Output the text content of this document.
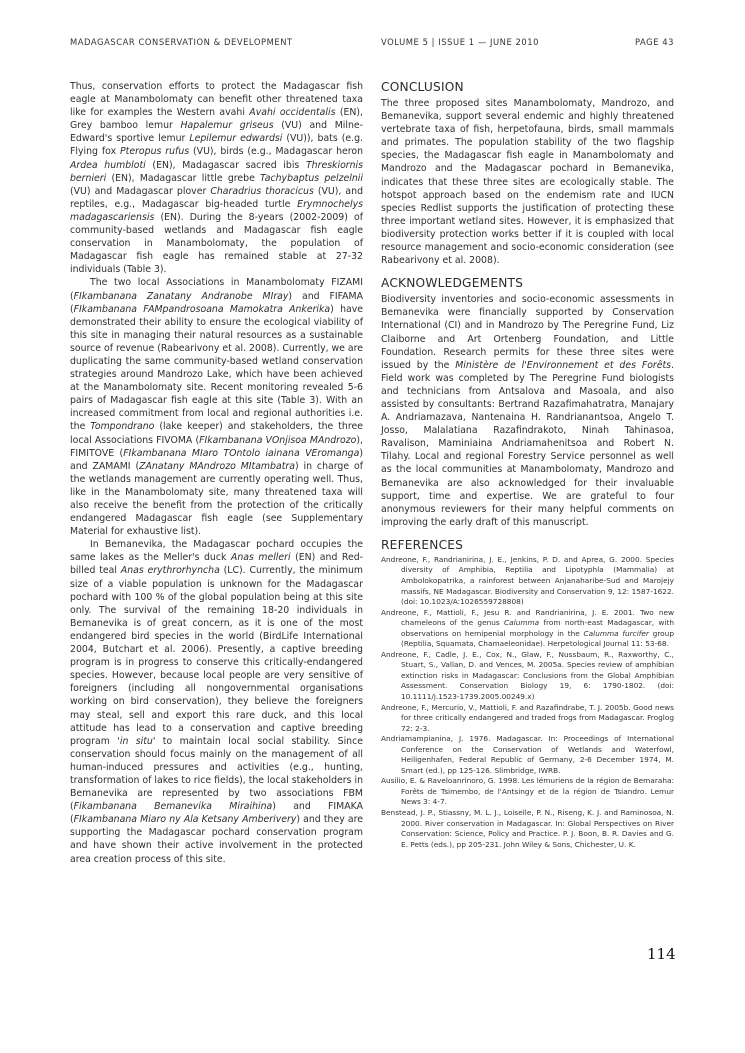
MADAGASCAR CONSERVATION & DEVELOPMENT	VOLUME 5 | ISSUE 1 — JUNE 2010	PAGE 43

Thus, conservation efforts to protect the Madagascar fish eagle at Manambolomaty can benefit other threatened taxa like for examples the Western avahi Avahi occidentalis (EN), Grey bamboo lemur Hapalemur griseus (VU) and Milne-Edward's sportive lemur Lepilemur edwardsi (VU)), bats (e.g. Flying fox Pteropus rufus (VU), birds (e.g., Madagascar heron Ardea humbloti (EN), Madagascar sacred ibis Threskiornis bernieri (EN), Madagascar little grebe Tachybaptus pelzelnii (VU) and Madagascar plover Charadrius thoracicus (VU), and reptiles, e.g., Madagascar big-headed turtle Erymnochelys madagascariensis (EN). During the 8-years (2002-2009) of community-based wetlands and Madagascar fish eagle conservation in Manambolomaty, the population of Madagascar fish eagle has remained stable at 27-32 individuals (Table 3).

The two local Associations in Manambolomaty FIZAMI (FIkambanana Zanatany Andranobe MIray) and FIFAMA (FIkambanana FAMpandrosoana Mamokatra Ankerika) have demonstrated their ability to ensure the ecological viability of this site in managing their natural resources as a sustainable source of revenue (Rabearivony et al. 2008). Currently, we are duplicating the same community-based wetland conservation strategies around Mandrozo Lake, which have been achieved at the Manambolomaty site. Recent monitoring revealed 5-6 pairs of Madagascar fish eagle at this site (Table 3). With an increased commitment from local and regional authorities i.e. the Tompondrano (lake keeper) and stakeholders, the three local Associations FIVOMA (FIkambanana VOnjisoa MAndrozo), FIMITOVE (FIkambanana MIaro TOntolo iainana VEromanga) and ZAMAMI (ZAnatany MAndrozo MItambatra) in charge of the wetlands management are currently operating well. Thus, like in the Manambolomaty site, many threatened taxa will also receive the benefit from the protection of the critically endangered Madagascar fish eagle (see Supplementary Material for exhaustive list).

In Bemanevika, the Madagascar pochard occupies the same lakes as the Meller's duck Anas melleri (EN) and Red-billed teal Anas erythrorhyncha (LC). Currently, the minimum size of a viable population is unknown for the Madagascar pochard with 100 % of the global population being at this site only. The survival of the remaining 18-20 individuals in Bemanevika is of great concern, as it is one of the most endangered bird species in the world (BirdLife International 2004, Butchart et al. 2006). Presently, a captive breeding program is in progress to conserve this critically-endangered species. However, because local people are very sensitive of foreigners (including all nongovernmental organisations working on bird conservation), they believe the foreigners may steal, sell and export this rare duck, and this local attitude has lead to a conservation and captive breeding program 'in situ' to maintain local social stability. Since conservation should focus mainly on the management of all human-induced pressures and activities (e.g., hunting, transformation of lakes to rice fields), the local stakeholders in Bemanevika are represented by two associations FBM (Fikambanana Bemanevika Miraihina) and FIMAKA (FIkambanana Miaro ny Ala Ketsany Amberivery) and they are supporting the Madagascar pochard conservation program and have shown their active involvement in the protected area creation process of this site.

CONCLUSION

The three proposed sites Manambolomaty, Mandrozo, and Bemanevika, support several endemic and highly threatened vertebrate taxa of fish, herpetofauna, birds, small mammals and primates. The population stability of the two flagship species, the Madagascar fish eagle in Manambolomaty and Mandrozo and the Madagascar pochard in Bemanevika, indicates that these three sites are ecologically stable. The hotspot approach based on the endemism rate and IUCN species Redlist supports the justification of protecting these three important wetland sites. However, it is emphasized that biodiversity protection works better if it is coupled with local resource management and socio-economic consideration (see Rabearivony et al. 2008).

ACKNOWLEDGEMENTS

Biodiversity inventories and socio-economic assessments in Bemanevika were financially supported by Conservation International (CI) and in Mandrozo by The Peregrine Fund, Liz Claiborne and Art Ortenberg Foundation, and Little Foundation. Research permits for these three sites were issued by the Ministère de l'Environnement et des Forêts. Field work was completed by The Peregrine Fund biologists and technicians from Antsalova and Masoala, and also assisted by consultants: Bertrand Razafimahatratra, Manajary A. Andriamazava, Nantenaina H. Randrianantsoa, Angelo T. Josso, Malalatiana Razafindrakoto, Ninah Tahinasoa, Ravalison, Maminiaina Andriamahenitsoa and Robert N. Tilahy. Local and regional Forestry Service personnel as well as the local communities at Manambolomaty, Mandrozo and Bemanevika are also acknowledged for their invaluable support, time and expertise. We are grateful to four anonymous reviewers for their many helpful comments on improving the early draft of this manuscript.

REFERENCES

Andreone, F., Randrianirina, J. E., Jenkins, P. D. and Aprea, G. 2000. Species diversity of Amphibia, Reptilia and Lipotyphla (Mammalia) at Ambolokopatrika, a rainforest between Anjanaharibe-Sud and Marojejy massifs, NE Madagascar. Biodiversity and Conservation 9, 12: 1587-1622. (doi: 10.1023/A:1026559728808)

Andreone, F., Mattioli, F., Jesu R. and Randrianirina, J. E. 2001. Two new chameleons of the genus Calumma from north-east Madagascar, with observations on hemipenial morphology in the Calumma furcifer group (Reptilia, Squamata, Chamaeleonidae). Herpetological Journal 11: 53-68.

Andreone, F., Cadle, J. E., Cox, N., Glaw, F., Nussbaum, R., Raxworthy, C., Stuart, S., Vallan, D. and Vences, M. 2005a. Species review of amphibian extinction risks in Madagascar: Conclusions from the Global Amphibian Assessment. Conservation Biology 19, 6: 1790-1802. (doi: 10.1111/j.1523-1739.2005.00249.x)

Andreone, F., Mercurio, V., Mattioli, F. and Razafindrabe, T. J. 2005b. Good news for three critically endangered and traded frogs from Madagascar. Froglog 72: 2-3.

Andriamampianina, J. 1976. Madagascar. In: Proceedings of International Conference on the Conservation of Wetlands and Waterfowl, Heiligenhafen, Federal Republic of Germany, 2-6 December 1974, M. Smart (ed.), pp 125-126. Slimbridge, IWRB.

Ausilio, E. & Raveloanrinoro, G. 1998. Les lémuriens de la région de Bemaraha: Forêts de Tsimembo, de l'Antsingy et de la région de Tsiandro. Lemur News 3: 4-7.

Benstead, J. P., Stiassny, M. L. J., Loiselle, P. N., Riseng, K. J. and Raminosoa, N. 2000. River conservation in Madagascar. In: Global Perspectives on River Conservation: Science, Policy and Practice. P. J. Boon, B. R. Davies and G. E. Petts (eds.), pp 205-231. John Wiley & Sons, Chichester, U. K.

114
